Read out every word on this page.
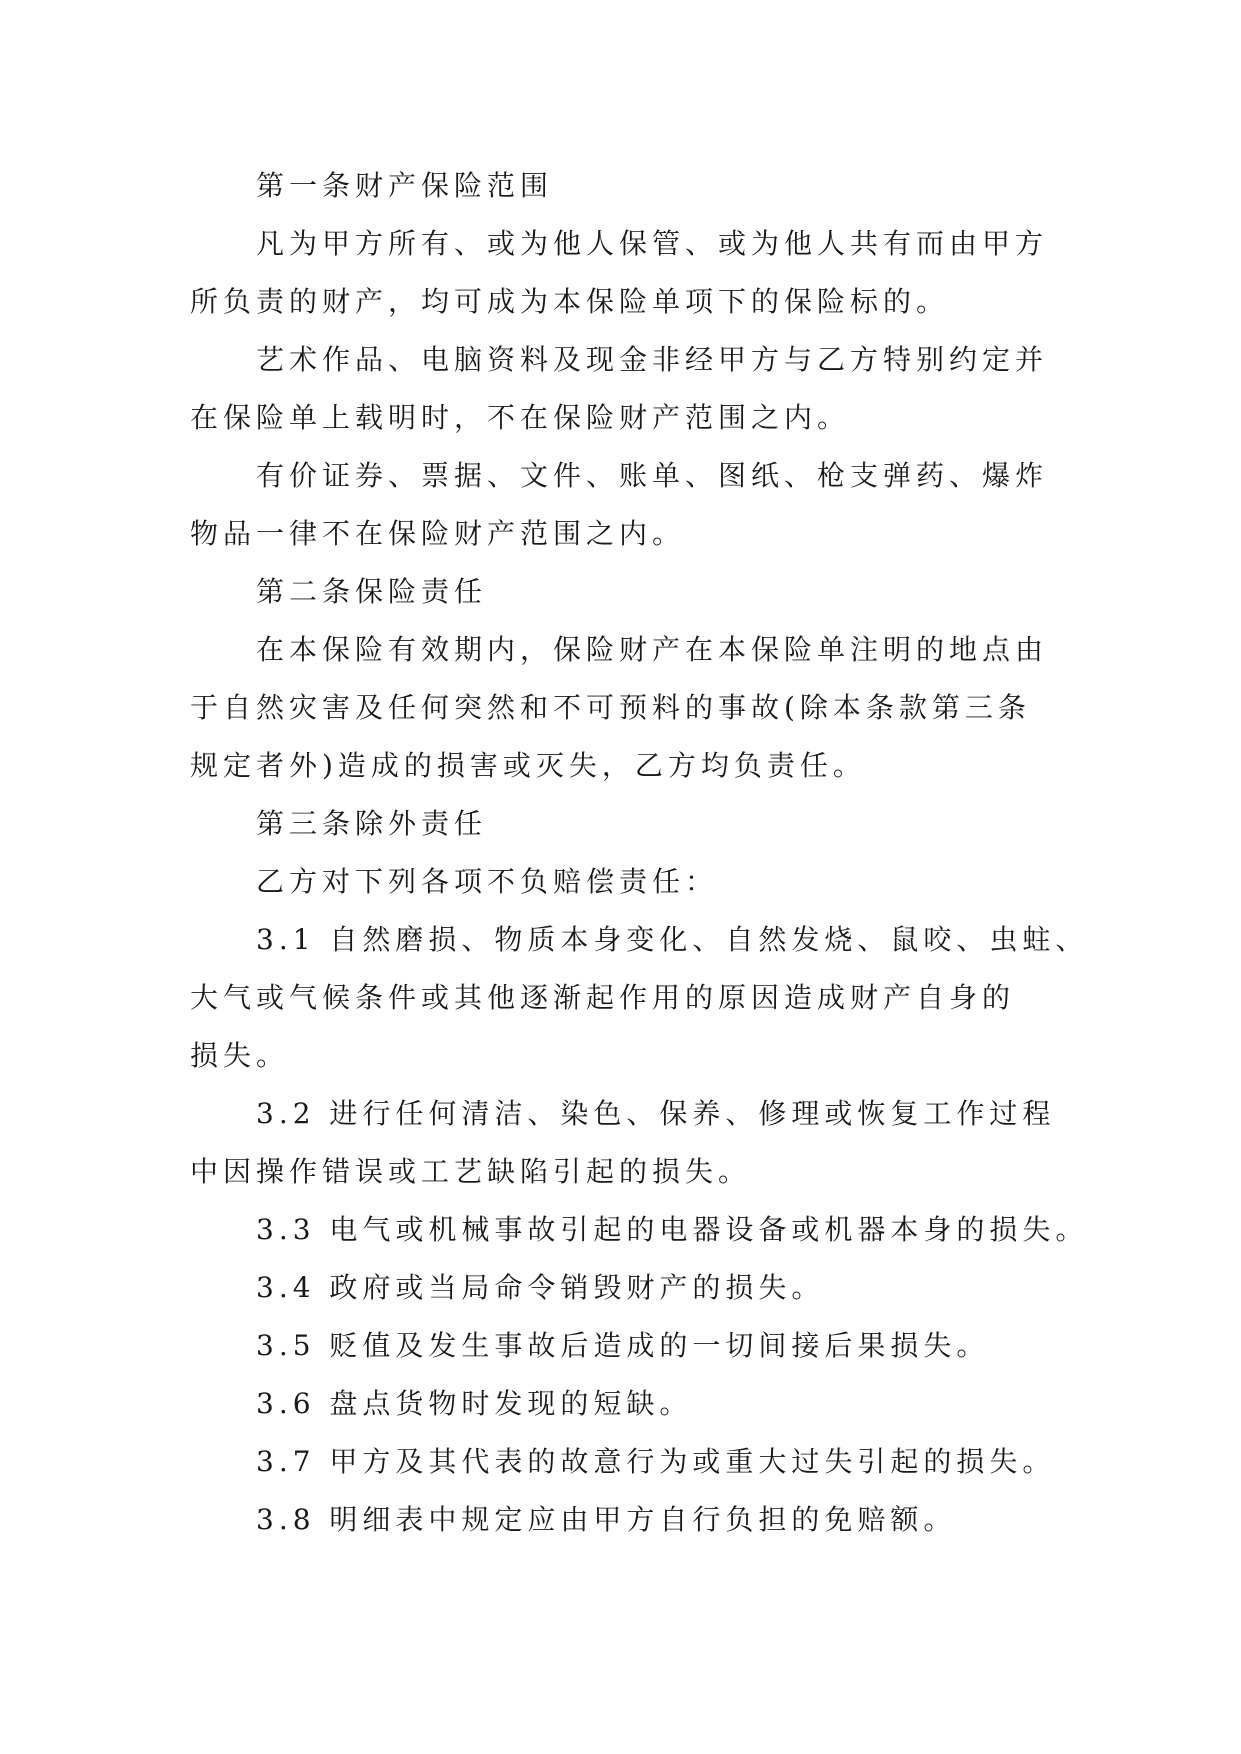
第一条财产保险范围

凡为甲方所有、或为他人保管、或为他人共有而由甲方
所负责的财产，均可成为本保险单项下的保险标的。

艺术作品、电脑资料及现金非经甲方与乙方特别约定并
在保险单上载明时，不在保险财产范围之内。

有价证券、票据、文件、账单、图纸、枪支弹药、爆炸
物品一律不在保险财产范围之内。

第二条保险责任

在本保险有效期内，保险财产在本保险单注明的地点由
于自然灾害及任何突然和不可预料的事故(除本条款第三条
规定者外)造成的损害或灭失，乙方均负责任。

第三条除外责任

乙方对下列各项不负赔偿责任：

3.1 自然磨损、物质本身变化、自然发烧、鼠咬、虫蛀、
大气或气候条件或其他逐渐起作用的原因造成财产自身的
损失。

3.2 进行任何清洁、染色、保养、修理或恢复工作过程
中因操作错误或工艺缺陷引起的损失。

3.3 电气或机械事故引起的电器设备或机器本身的损失。

3.4 政府或当局命令销毁财产的损失。

3.5 贬值及发生事故后造成的一切间接后果损失。

3.6 盘点货物时发现的短缺。

3.7 甲方及其代表的故意行为或重大过失引起的损失。

3.8 明细表中规定应由甲方自行负担的免赔额。
